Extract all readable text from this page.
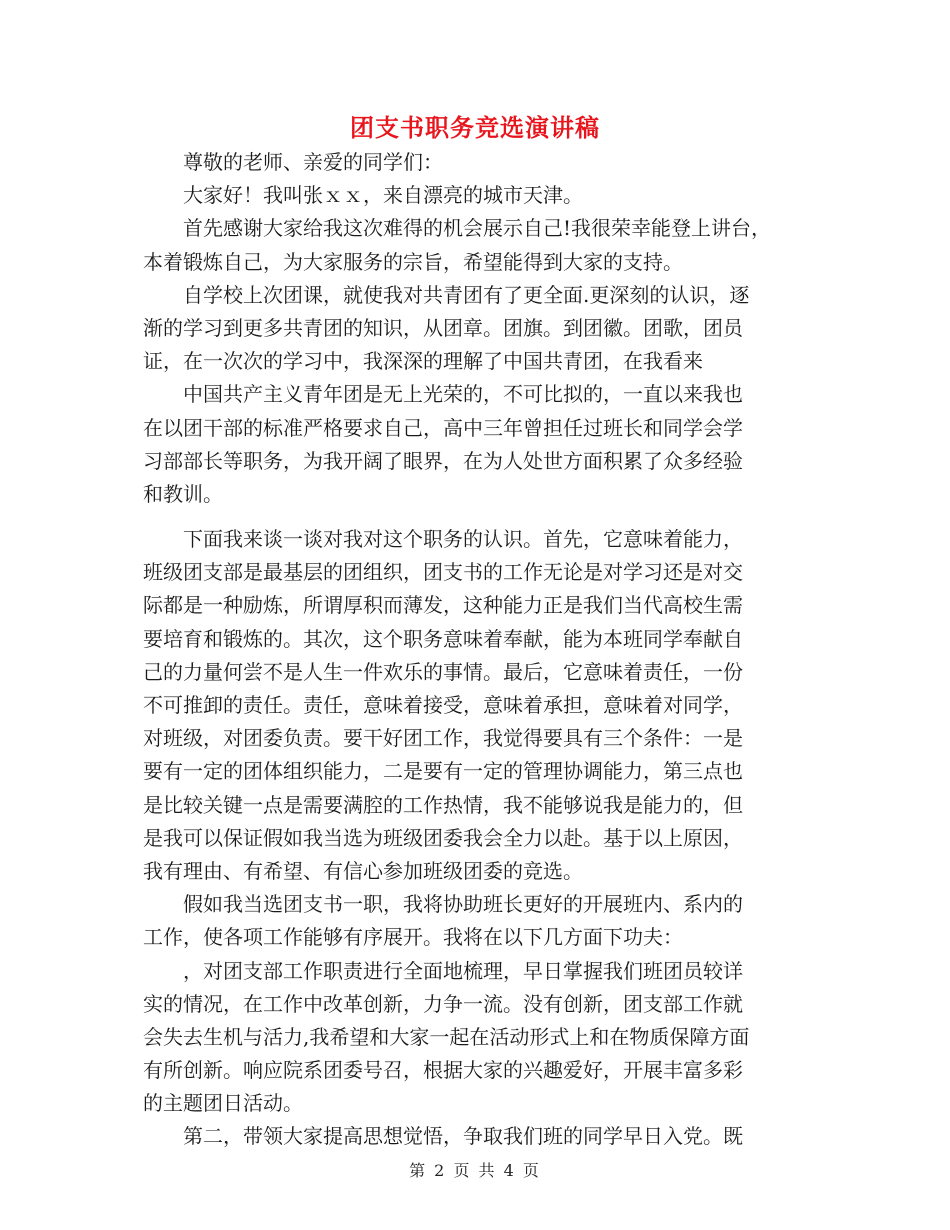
团支书职务竞选演讲稿
　　尊敬的老师、亲爱的同学们：
　　大家好！我叫张ｘｘ，来自漂亮的城市天津。
　　首先感谢大家给我这次难得的机会展示自己!我很荣幸能登上讲台，
本着锻炼自己，为大家服务的宗旨，希望能得到大家的支持。
　　自学校上次团课，就使我对共青团有了更全面.更深刻的认识，逐
渐的学习到更多共青团的知识，从团章。团旗。到团徽。团歌，团员
证，在一次次的学习中，我深深的理解了中国共青团，在我看来
　　中国共产主义青年团是无上光荣的，不可比拟的，一直以来我也
在以团干部的标准严格要求自己，高中三年曾担任过班长和同学会学
习部部长等职务，为我开阔了眼界，在为人处世方面积累了众多经验
和教训。
　　下面我来谈一谈对我对这个职务的认识。首先，它意味着能力，
班级团支部是最基层的团组织，团支书的工作无论是对学习还是对交
际都是一种励炼，所谓厚积而薄发，这种能力正是我们当代高校生需
要培育和锻炼的。其次，这个职务意味着奉献，能为本班同学奉献自
己的力量何尝不是人生一件欢乐的事情。最后，它意味着责任，一份
不可推卸的责任。责任，意味着接受，意味着承担，意味着对同学，
对班级，对团委负责。要干好团工作，我觉得要具有三个条件：一是
要有一定的团体组织能力，二是要有一定的管理协调能力，第三点也
是比较关键一点是需要满腔的工作热情，我不能够说我是能力的，但
是我可以保证假如我当选为班级团委我会全力以赴。基于以上原因，
我有理由、有希望、有信心参加班级团委的竞选。
　　假如我当选团支书一职，我将协助班长更好的开展班内、系内的
工作，使各项工作能够有序展开。我将在以下几方面下功夫：
　　，对团支部工作职责进行全面地梳理，早日掌握我们班团员较详
实的情况，在工作中改革创新，力争一流。没有创新，团支部工作就
会失去生机与活力,我希望和大家一起在活动形式上和在物质保障方面
有所创新。响应院系团委号召，根据大家的兴趣爱好，开展丰富多彩
的主题团日活动。
　　第二，带领大家提高思想觉悟，争取我们班的同学早日入党。既
第 2 页 共 4 页
